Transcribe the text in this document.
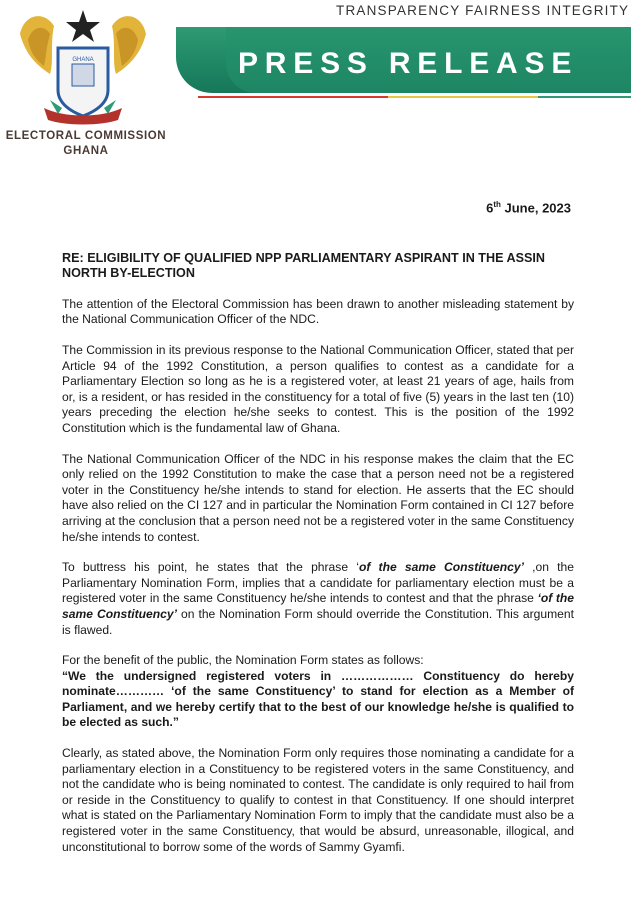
TRANSPARENCY FAIRNESS INTEGRITY
PRESS RELEASE
GHANA
ELECTORAL COMMISSION
GHANA
6th June, 2023
RE: ELIGIBILITY OF QUALIFIED NPP PARLIAMENTARY ASPIRANT IN THE ASSIN NORTH BY-ELECTION

The attention of the Electoral Commission has been drawn to another misleading statement by the National Communication Officer of the NDC.

The Commission in its previous response to the National Communication Officer, stated that per Article 94 of the 1992 Constitution, a person qualifies to contest as a candidate for a Parliamentary Election so long as he is a registered voter, at least 21 years of age, hails from or, is a resident, or has resided in the constituency for a total of five (5) years in the last ten (10) years preceding the election he/she seeks to contest. This is the position of the 1992 Constitution which is the fundamental law of Ghana.

The National Communication Officer of the NDC in his response makes the claim that the EC only relied on the 1992 Constitution to make the case that a person need not be a registered voter in the Constituency he/she intends to stand for election. He asserts that the EC should have also relied on the CI 127 and in particular the Nomination Form contained in CI 127 before arriving at the conclusion that a person need not be a registered voter in the same Constituency he/she intends to contest.

To buttress his point, he states that the phrase ‘of the same Constituency’ ,on the Parliamentary Nomination Form, implies that a candidate for parliamentary election must be a registered voter in the same Constituency he/she intends to contest and that the phrase ‘of the same Constituency’ on the Nomination Form should override the Constitution. This argument is flawed.

For the benefit of the public, the Nomination Form states as follows:
“We the undersigned registered voters in ……………… Constituency do hereby nominate………… ‘of the same Constituency’ to stand for election as a Member of Parliament, and we hereby certify that to the best of our knowledge he/she is qualified to be elected as such.”

Clearly, as stated above, the Nomination Form only requires those nominating a candidate for a parliamentary election in a Constituency to be registered voters in the same Constituency, and not the candidate who is being nominated to contest. The candidate is only required to hail from or reside in the Constituency to qualify to contest in that Constituency. If one should interpret what is stated on the Parliamentary Nomination Form to imply that the candidate must also be a registered voter in the same Constituency, that would be absurd, unreasonable, illogical, and unconstitutional to borrow some of the words of Sammy Gyamfi.
